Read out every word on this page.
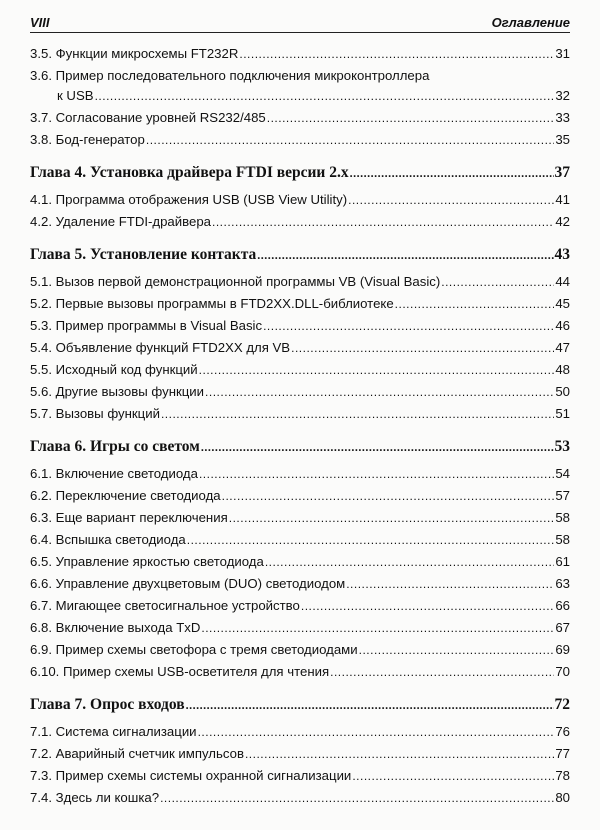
VIII	Оглавление
3.5. Функции микросхемы FT232R .....	31
3.6. Пример последовательного подключения микроконтроллера
к USB .....	32
3.7. Согласование уровней RS232/485 .....	33
3.8. Бод-генератор .....	35
Глава 4. Установка драйвера FTDI версии 2.x .....	37
4.1. Программа отображения USB (USB View Utility) .....	41
4.2. Удаление FTDI-драйвера .....	42
Глава 5. Установление контакта .....	43
5.1. Вызов первой демонстрационной программы VB (Visual Basic) .....	44
5.2. Первые вызовы программы в FTD2XX.DLL-библиотеке .....	45
5.3. Пример программы в Visual Basic .....	46
5.4. Объявление функций FTD2XX для VB .....	47
5.5. Исходный код функций .....	48
5.6. Другие вызовы функции .....	50
5.7. Вызовы функций .....	51
Глава 6. Игры со светом .....	53
6.1. Включение светодиода .....	54
6.2. Переключение светодиода .....	57
6.3. Еще вариант переключения .....	58
6.4. Вспышка светодиода .....	58
6.5. Управление яркостью светодиода .....	61
6.6. Управление двухцветовым (DUO) светодиодом .....	63
6.7. Мигающее светосигнальное устройство .....	66
6.8. Включение выхода TxD .....	67
6.9. Пример схемы светофора с тремя светодиодами .....	69
6.10. Пример схемы USB-осветителя для чтения .....	70
Глава 7. Опрос входов .....	72
7.1. Система сигнализации .....	76
7.2. Аварийный счетчик импульсов .....	77
7.3. Пример схемы системы охранной сигнализации .....	78
7.4. Здесь ли кошка? .....	80
